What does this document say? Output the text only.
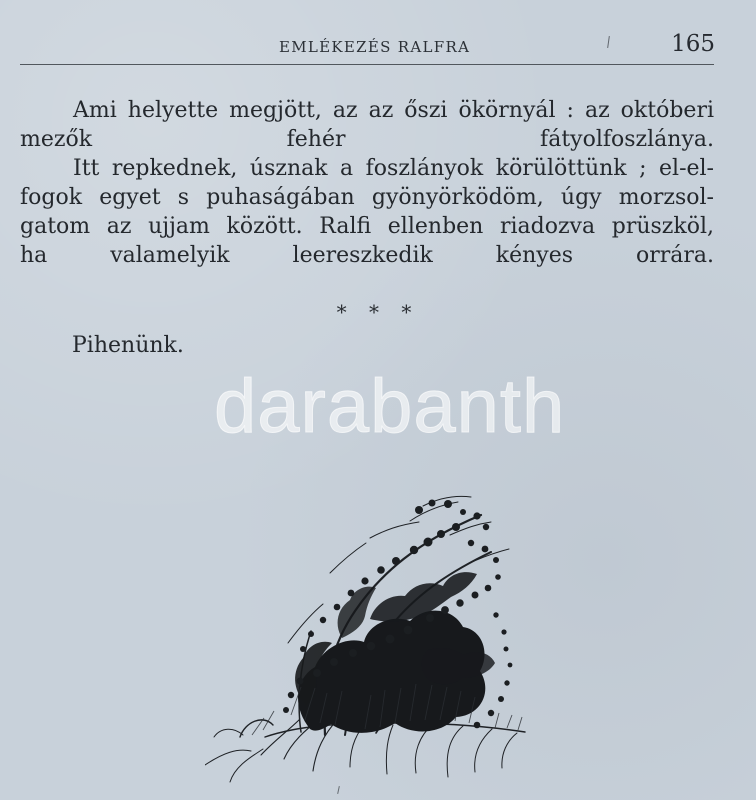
EMLÉKEZÉS RALFRA	165

Ami helyette megjött, az az őszi ökörnyál : az októberi
mezők fehér fátyolfoszlánya.

Itt repkednek, úsznak a foszlányok körülöttünk ; el-el-
fogok egyet s puhaságában gyönyörködöm, úgy morzsol-
gatom az ujjam között. Ralfi ellenben riadozva prüszköl,
ha valamelyik leereszkedik kényes orrára.

* * *
Pihenünk.
darabanth
